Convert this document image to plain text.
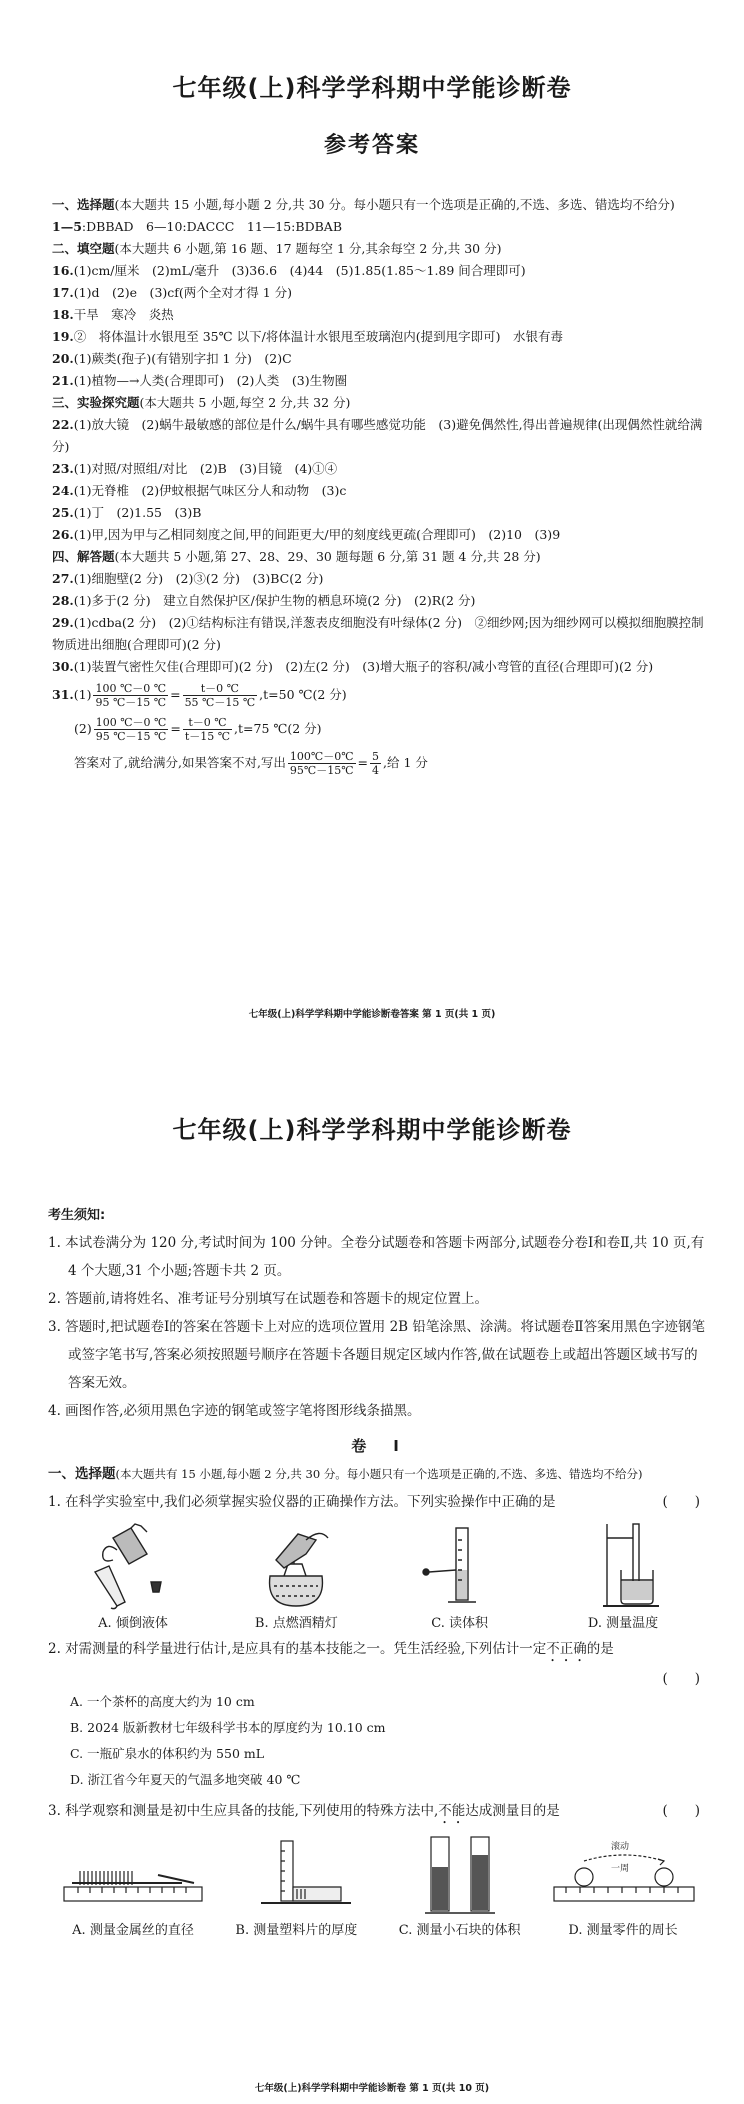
七年级(上)科学学科期中学能诊断卷
参考答案
一、选择题(本大题共 15 小题,每小题 2 分,共 30 分。每小题只有一个选项是正确的,不选、多选、错选均不给分)
1—5:DBBAD　6—10:DACCC　11—15:BDBAB
二、填空题(本大题共 6 小题,第 16 题、17 题每空 1 分,其余每空 2 分,共 30 分)
16.(1)cm/厘米　(2)mL/毫升　(3)36.6　(4)44　(5)1.85(1.85～1.89 间合理即可)
17.(1)d　(2)e　(3)cf(两个全对才得 1 分)
18.干旱　寒冷　炎热
19.②　将体温计水银甩至 35℃ 以下/将体温计水银甩至玻璃泡内(提到甩字即可)　水银有毒
20.(1)蕨类(孢子)(有错别字扣 1 分)　(2)C
21.(1)植物—→人类(合理即可)　(2)人类　(3)生物圈
三、实验探究题(本大题共 5 小题,每空 2 分,共 32 分)
22.(1)放大镜　(2)蜗牛最敏感的部位是什么/蜗牛具有哪些感觉功能　(3)避免偶然性,得出普遍规律(出现偶然性就给满分)
23.(1)对照/对照组/对比　(2)B　(3)目镜　(4)①④
24.(1)无脊椎　(2)伊蚊根据气味区分人和动物　(3)c
25.(1)丁　(2)1.55　(3)B
26.(1)甲,因为甲与乙相同刻度之间,甲的间距更大/甲的刻度线更疏(合理即可)　(2)10　(3)9
四、解答题(本大题共 5 小题,第 27、28、29、30 题每题 6 分,第 31 题 4 分,共 28 分)
27.(1)细胞壁(2 分)　(2)③(2 分)　(3)BC(2 分)
28.(1)多于(2 分)　建立自然保护区/保护生物的栖息环境(2 分)　(2)R(2 分)
29.(1)cdba(2 分)　(2)①结构标注有错误,洋葱表皮细胞没有叶绿体(2 分)　②细纱网;因为细纱网可以模拟细胞膜控制物质进出细胞(合理即可)(2 分)
30.(1)装置气密性欠佳(合理即可)(2 分)　(2)左(2 分)　(3)增大瓶子的容积/减小弯管的直径(合理即可)(2 分)
$31.(1) \frac{100 ℃-0 ℃}{95 ℃-15 ℃} = \frac{t-0 ℃}{55 ℃-15 ℃} ,t=50$ ℃(2 分)
$(2) \frac{100 ℃-0 ℃}{95 ℃-15 ℃} = \frac{t-0 ℃}{t-15 ℃} ,t=75$ ℃(2 分)
答案对了,就给满分,如果答案不对,写出 $\frac{100℃-0℃}{95℃-15℃} = \frac{5}{4}$ ,给 1 分
七年级(上)科学学科期中学能诊断卷答案 第 1 页(共 1 页)
七年级(上)科学学科期中学能诊断卷
考生须知:
1. 本试卷满分为 120 分,考试时间为 100 分钟。全卷分试题卷和答题卡两部分,试题卷分卷Ⅰ和卷Ⅱ,共 10 页,有 4 个大题,31 个小题;答题卡共 2 页。
2. 答题前,请将姓名、准考证号分别填写在试题卷和答题卡的规定位置上。
3. 答题时,把试题卷Ⅰ的答案在答题卡上对应的选项位置用 2B 铅笔涂黑、涂满。将试题卷Ⅱ答案用黑色字迹钢笔或签字笔书写,答案必须按照题号顺序在答题卡各题目规定区域内作答,做在试题卷上或超出答题区域书写的答案无效。
4. 画图作答,必须用黑色字迹的钢笔或签字笔将图形线条描黑。
卷　Ⅰ
一、选择题(本大题共有 15 小题,每小题 2 分,共 30 分。每小题只有一个选项是正确的,不选、多选、错选均不给分)
1. 在科学实验室中,我们必须掌握实验仪器的正确操作方法。下列实验操作中正确的是	(　　)
A. 倾倒液体	B. 点燃酒精灯	C. 读体积	D. 测量温度
2. 对需测量的科学量进行估计,是应具有的基本技能之一。凭生活经验,下列估计一定不正确的是
(　　)
A. 一个茶杯的高度大约为 10 cm
B. 2024 版新教材七年级科学书本的厚度约为 10.10 cm
C. 一瓶矿泉水的体积约为 550 mL
D. 浙江省今年夏天的气温多地突破 40 ℃
3. 科学观察和测量是初中生应具备的技能,下列使用的特殊方法中,不能达成测量目的是	(　　)
A. 测量金属丝的直径	B. 测量塑料片的厚度	C. 测量小石块的体积
滚动
一周
D. 测量零件的周长
七年级(上)科学学科期中学能诊断卷 第 1 页(共 10 页)
